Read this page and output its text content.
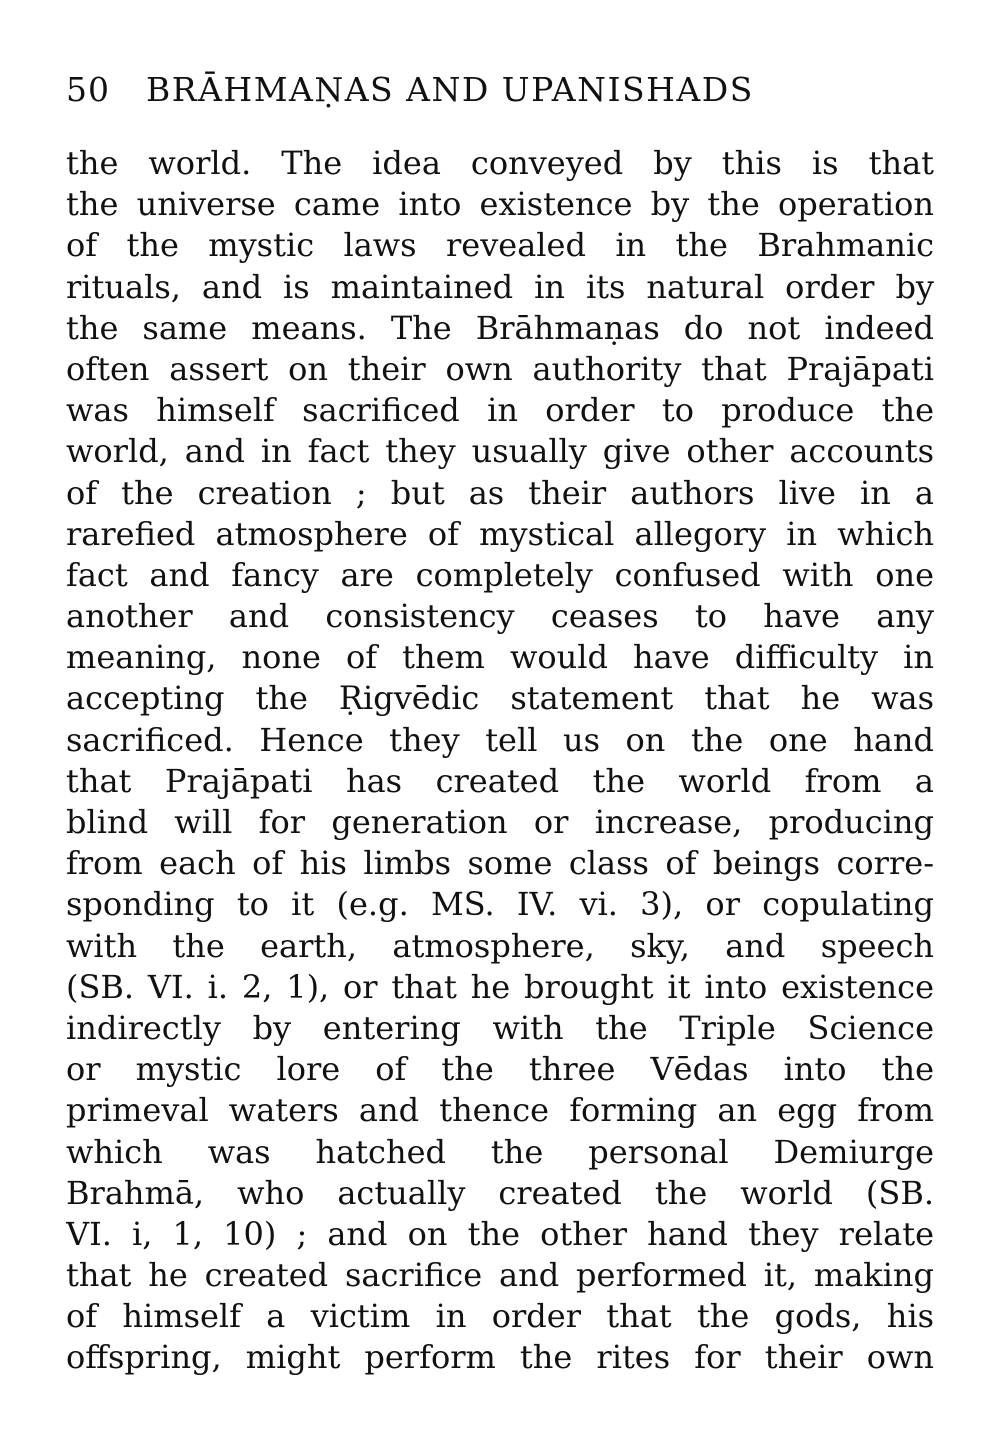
50 BRĀHMAṆAS AND UPANISHADS
the world. The idea conveyed by this is that
the universe came into existence by the operation
of the mystic laws revealed in the Brahmanic
rituals, and is maintained in its natural order by
the same means. The Brāhmaṇas do not indeed
often assert on their own authority that Prajāpati
was himself sacrificed in order to produce the
world, and in fact they usually give other accounts
of the creation ; but as their authors live in a
rarefied atmosphere of mystical allegory in which
fact and fancy are completely confused with one
another and consistency ceases to have any
meaning, none of them would have difficulty in
accepting the Ṛigvēdic statement that he was
sacrificed. Hence they tell us on the one hand
that Prajāpati has created the world from a
blind will for generation or increase, producing
from each of his limbs some class of beings corre-
sponding to it (e.g. MS. IV. vi. 3), or copulating
with the earth, atmosphere, sky, and speech
(SB. VI. i. 2, 1), or that he brought it into existence
indirectly by entering with the Triple Science
or mystic lore of the three Vēdas into the
primeval waters and thence forming an egg from
which was hatched the personal Demiurge
Brahmā, who actually created the world (SB.
VI. i, 1, 10) ; and on the other hand they relate
that he created sacrifice and performed it, making
of himself a victim in order that the gods, his
offspring, might perform the rites for their own
